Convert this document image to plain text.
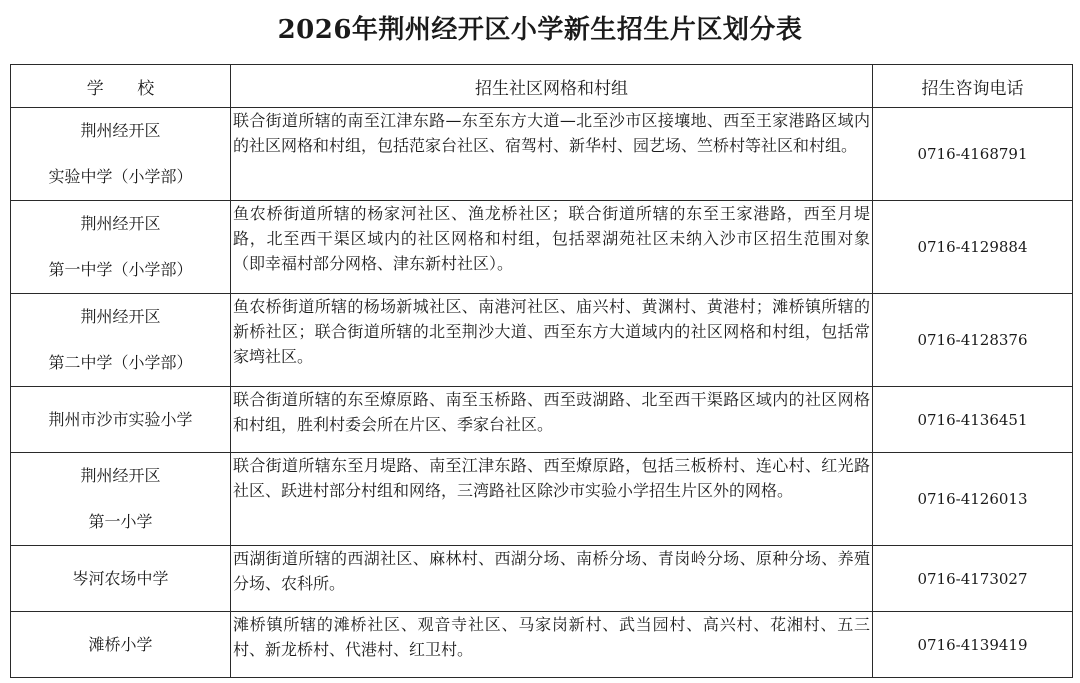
2026年荆州经开区小学新生招生片区划分表
学 校	招生社区网格和村组	招生咨询电话

荆州经开区
实验中学（小学部）	联合街道所辖的南至江津东路—东至东方大道—北至沙市区接壤地、西至王家港路区域内的社区网格和村组，包括范家台社区、宿驾村、新华村、园艺场、竺桥村等社区和村组。	0716-4168791

荆州经开区
第一中学（小学部）	鱼农桥街道所辖的杨家河社区、渔龙桥社区；联合街道所辖的东至王家港路，西至月堤路，北至西干渠区域内的社区网格和村组，包括翠湖苑社区未纳入沙市区招生范围对象（即幸福村部分网格、津东新村社区）。	0716-4129884

荆州经开区
第二中学（小学部）	鱼农桥街道所辖的杨场新城社区、南港河社区、庙兴村、黄渊村、黄港村；滩桥镇所辖的新桥社区；联合街道所辖的北至荆沙大道、西至东方大道域内的社区网格和村组，包括常家塆社区。	0716-4128376

荆州市沙市实验小学	联合街道所辖的东至燎原路、南至玉桥路、西至豉湖路、北至西干渠路区域内的社区网格和村组，胜利村委会所在片区、季家台社区。	0716-4136451

荆州经开区
第一小学	联合街道所辖东至月堤路、南至江津东路、西至燎原路，包括三板桥村、连心村、红光路社区、跃进村部分村组和网络，三湾路社区除沙市实验小学招生片区外的网格。	0716-4126013

岑河农场中学	西湖街道所辖的西湖社区、麻林村、西湖分场、南桥分场、青岗岭分场、原种分场、养殖分场、农科所。	0716-4173027

滩桥小学	滩桥镇所辖的滩桥社区、观音寺社区、马家岗新村、武当园村、高兴村、花湘村、五三村、新龙桥村、代港村、红卫村。	0716-4139419
